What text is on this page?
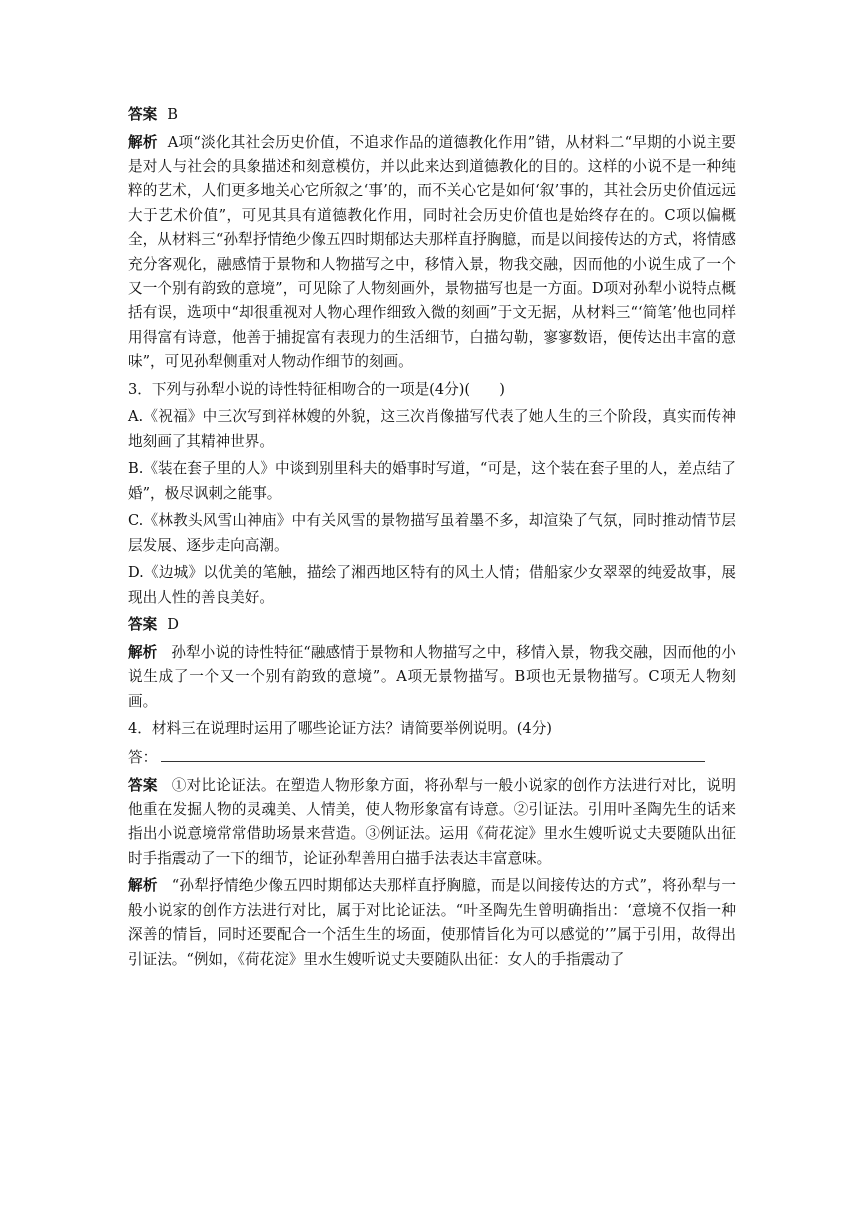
答案 B

解析 A项“淡化其社会历史价值，不追求作品的道德教化作用”错，从材料二“早期的小说主要是对人与社会的具象描述和刻意模仿，并以此来达到道德教化的目的。这样的小说不是一种纯粹的艺术，人们更多地关心它所叙之‘事’的，而不关心它是如何‘叙’事的，其社会历史价值远远大于艺术价值”，可见其具有道德教化作用，同时社会历史价值也是始终存在的。C项以偏概全，从材料三“孙犁抒情绝少像五四时期郁达夫那样直抒胸臆，而是以间接传达的方式，将情感充分客观化，融感情于景物和人物描写之中，移情入景，物我交融，因而他的小说生成了一个又一个别有韵致的意境”，可见除了人物刻画外，景物描写也是一方面。D项对孙犁小说特点概括有误，选项中“却很重视对人物心理作细致入微的刻画”于文无据，从材料三“‘简笔’他也同样用得富有诗意，他善于捕捉富有表现力的生活细节，白描勾勒，寥寥数语，便传达出丰富的意味”，可见孙犁侧重对人物动作细节的刻画。

3．下列与孙犁小说的诗性特征相吻合的一项是(4分)(　　)

A.《祝福》中三次写到祥林嫂的外貌，这三次肖像描写代表了她人生的三个阶段，真实而传神地刻画了其精神世界。

B.《装在套子里的人》中谈到别里科夫的婚事时写道，“可是，这个装在套子里的人，差点结了婚”，极尽讽刺之能事。

C.《林教头风雪山神庙》中有关风雪的景物描写虽着墨不多，却渲染了气氛，同时推动情节层层发展、逐步走向高潮。

D.《边城》以优美的笔触，描绘了湘西地区特有的风土人情；借船家少女翠翠的纯爱故事，展现出人性的善良美好。

答案 D

解析 孙犁小说的诗性特征“融感情于景物和人物描写之中，移情入景，物我交融，因而他的小说生成了一个又一个别有韵致的意境”。A项无景物描写。B项也无景物描写。C项无人物刻画。

4．材料三在说理时运用了哪些论证方法？请简要举例说明。(4分)

答：

答案 ①对比论证法。在塑造人物形象方面，将孙犁与一般小说家的创作方法进行对比，说明他重在发掘人物的灵魂美、人情美，使人物形象富有诗意。②引证法。引用叶圣陶先生的话来指出小说意境常常借助场景来营造。③例证法。运用《荷花淀》里水生嫂听说丈夫要随队出征时手指震动了一下的细节，论证孙犁善用白描手法表达丰富意味。

解析 “孙犁抒情绝少像五四时期郁达夫那样直抒胸臆，而是以间接传达的方式”，将孙犁与一般小说家的创作方法进行对比，属于对比论证法。“叶圣陶先生曾明确指出：‘意境不仅指一种深善的情旨，同时还要配合一个活生生的场面，使那情旨化为可以感觉的’”属于引用，故得出引证法。“例如，《荷花淀》里水生嫂听说丈夫要随队出征：女人的手指震动了
